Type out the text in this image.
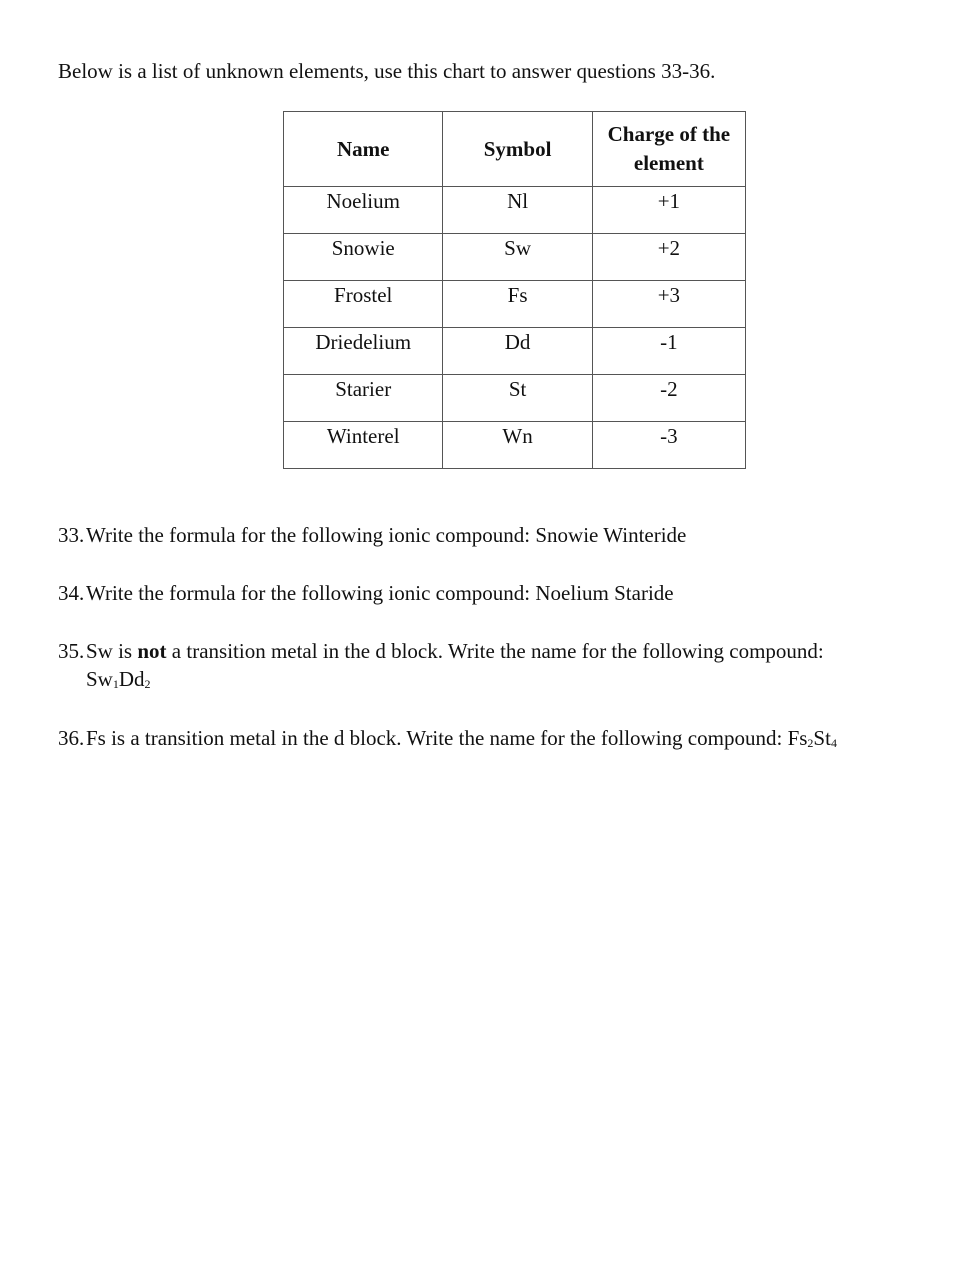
Below is a list of unknown elements, use this chart to answer questions 33-36.

Name	Symbol	Charge of the element
Noelium	Nl	+1
Snowie	Sw	+2
Frostel	Fs	+3
Driedelium	Dd	-1
Starier	St	-2
Winterel	Wn	-3
33. Write the formula for the following ionic compound: Snowie Winteride
34. Write the formula for the following ionic compound: Noelium Staride
35. Sw is not a transition metal in the d block. Write the name for the following compound:
$Sw_1Dd_2$
36. Fs is a transition metal in the d block. Write the name for the following compound: $Fs_2St_4$
